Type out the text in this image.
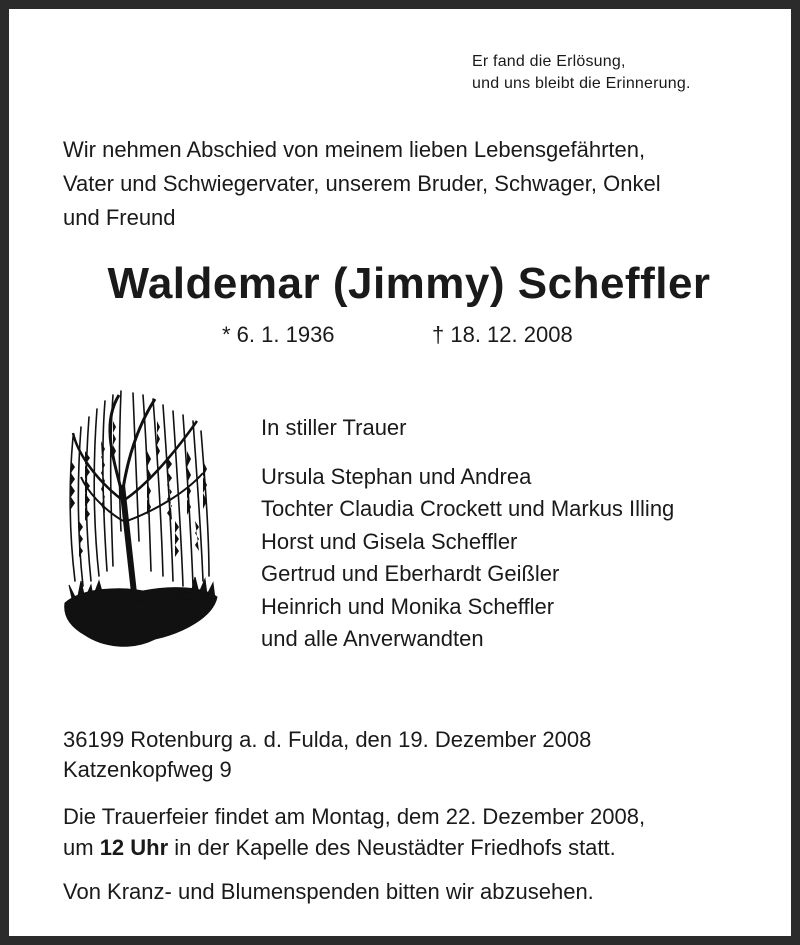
Er fand die Erlösung,
und uns bleibt die Erinnerung.
Wir nehmen Abschied von meinem lieben Lebensgefährten,
Vater und Schwiegervater, unserem Bruder, Schwager, Onkel
und Freund
Waldemar (Jimmy) Scheffler
* 6. 1. 1936	† 18. 12. 2008
In stiller Trauer
Ursula Stephan und Andrea
Tochter Claudia Crockett und Markus Illing
Horst und Gisela Scheffler
Gertrud und Eberhardt Geißler
Heinrich und Monika Scheffler
und alle Anverwandten
36199 Rotenburg a. d. Fulda, den 19. Dezember 2008
Katzenkopfweg 9
Die Trauerfeier findet am Montag, dem 22. Dezember 2008,
um 12 Uhr in der Kapelle des Neustädter Friedhofs statt.
Von Kranz- und Blumenspenden bitten wir abzusehen.
